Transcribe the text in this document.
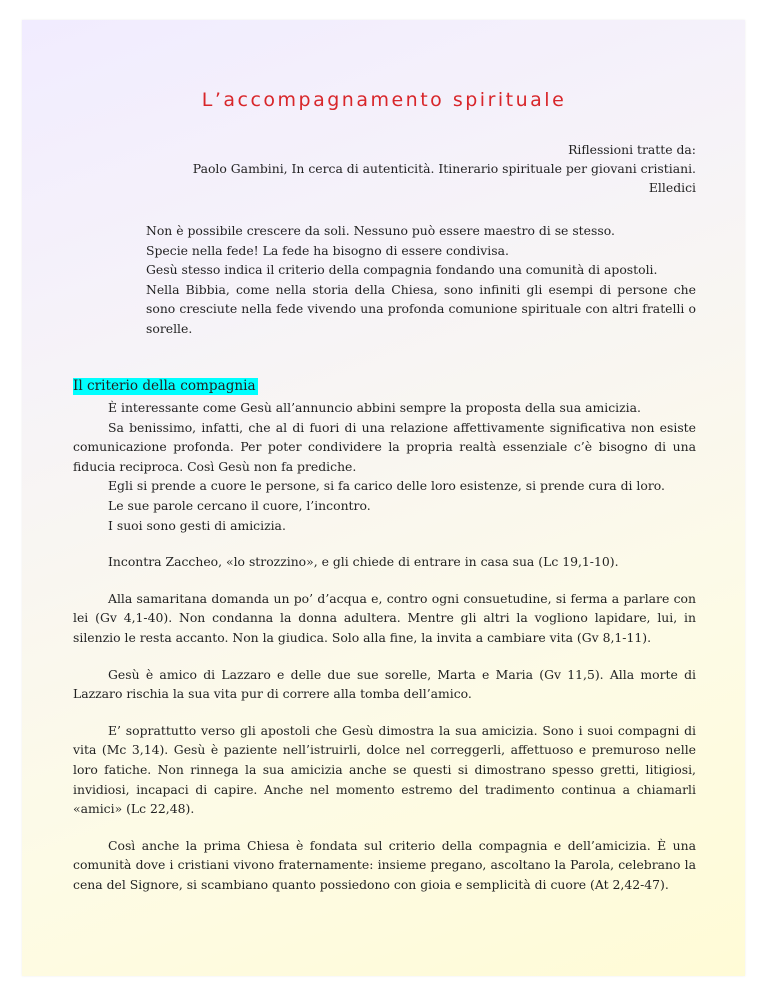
L’accompagnamento spirituale
Riflessioni tratte da:
Paolo Gambini, In cerca di autenticità. Itinerario spirituale per giovani cristiani.
Elledici

Non è possibile crescere da soli. Nessuno può essere maestro di se stesso.

Specie nella fede! La fede ha bisogno di essere condivisa.

Gesù stesso indica il criterio della compagnia fondando una comunità di apostoli.

Nella Bibbia, come nella storia della Chiesa, sono infiniti gli esempi di persone che sono cresciute nella fede vivendo una profonda comunione spirituale con altri fratelli o sorelle.

Il criterio della compagnia

È interessante come Gesù all’annuncio abbini sempre la proposta della sua amicizia.

Sa benissimo, infatti, che al di fuori di una relazione affettivamente significativa non esiste comunicazione profonda. Per poter condividere la propria realtà essenziale c’è bisogno di una fiducia reciproca. Così Gesù non fa prediche.

Egli si prende a cuore le persone, si fa carico delle loro esistenze, si prende cura di loro.

Le sue parole cercano il cuore, l’incontro.

I suoi sono gesti di amicizia.

Incontra Zaccheo, «lo strozzino», e gli chiede di entrare in casa sua (Lc 19,1-10).

Alla samaritana domanda un po’ d’acqua e, contro ogni consuetudine, si ferma a parlare con lei (Gv 4,1-40). Non condanna la donna adultera. Mentre gli altri la vogliono lapidare, lui, in silenzio le resta accanto. Non la giudica. Solo alla fine, la invita a cambiare vita (Gv 8,1-11).

Gesù è amico di Lazzaro e delle due sue sorelle, Marta e Maria (Gv 11,5). Alla morte di Lazzaro rischia la sua vita pur di correre alla tomba dell’amico.

E’ soprattutto verso gli apostoli che Gesù dimostra la sua amicizia. Sono i suoi compagni di vita (Mc 3,14). Gesù è paziente nell’istruirli, dolce nel correggerli, affettuoso e premuroso nelle loro fatiche. Non rinnega la sua amicizia anche se questi si dimostrano spesso gretti, litigiosi, invidiosi, incapaci di capire. Anche nel momento estremo del tradimento continua a chiamarli «amici» (Lc 22,48).

Così anche la prima Chiesa è fondata sul criterio della compagnia e dell’amicizia. È una comunità dove i cristiani vivono fraternamente: insieme pregano, ascoltano la Parola, celebrano la cena del Signore, si scambiano quanto possiedono con gioia e semplicità di cuore (At 2,42-47).
